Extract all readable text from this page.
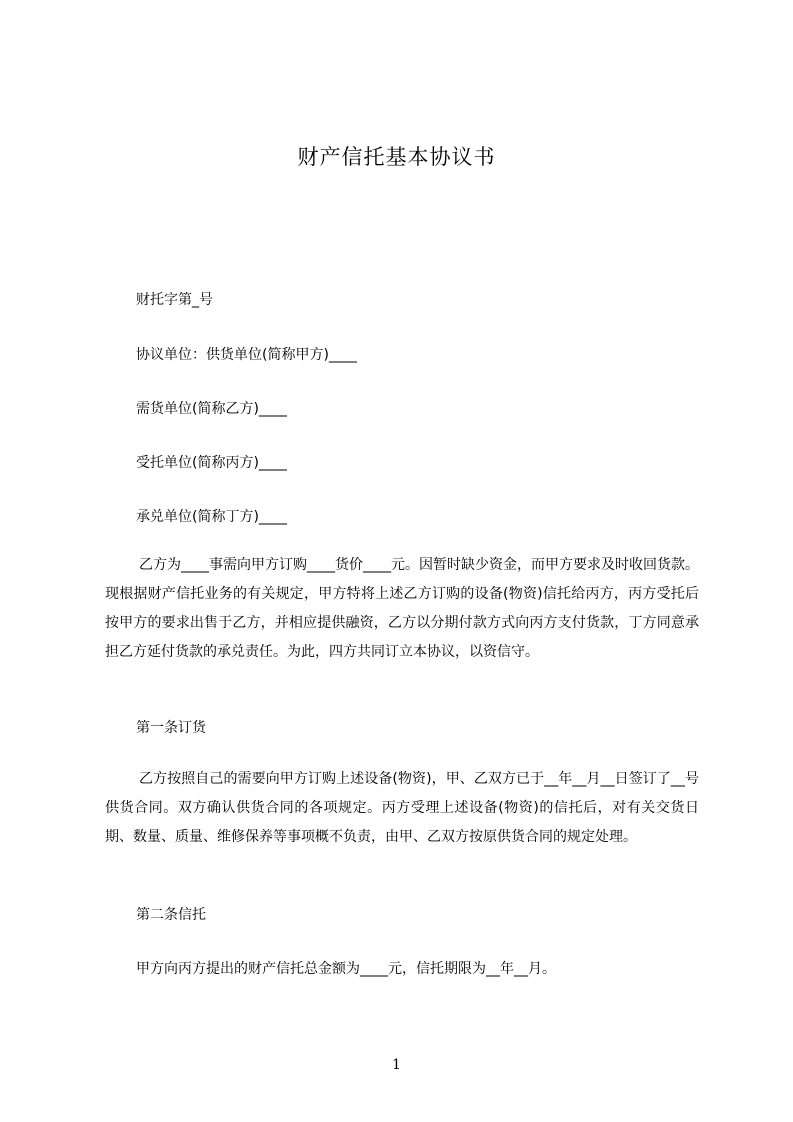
财产信托基本协议书
财托字第_号
协议单位：供货单位(简称甲方)____
需货单位(简称乙方)____
受托单位(简称丙方)____
承兑单位(简称丁方)____
乙方为____事需向甲方订购____货价____元。因暂时缺少资金，而甲方要求及时收回货款。现根据财产信托业务的有关规定，甲方特将上述乙方订购的设备(物资)信托给丙方，丙方受托后按甲方的要求出售于乙方，并相应提供融资，乙方以分期付款方式向丙方支付货款，丁方同意承担乙方延付货款的承兑责任。为此，四方共同订立本协议，以资信守。
第一条订货
乙方按照自己的需要向甲方订购上述设备(物资)，甲、乙双方已于__年__月__日签订了__号供货合同。双方确认供货合同的各项规定。丙方受理上述设备(物资)的信托后，对有关交货日期、数量、质量、维修保养等事项概不负责，由甲、乙双方按原供货合同的规定处理。
第二条信托
甲方向丙方提出的财产信托总金额为____元，信托期限为__年__月。
1
